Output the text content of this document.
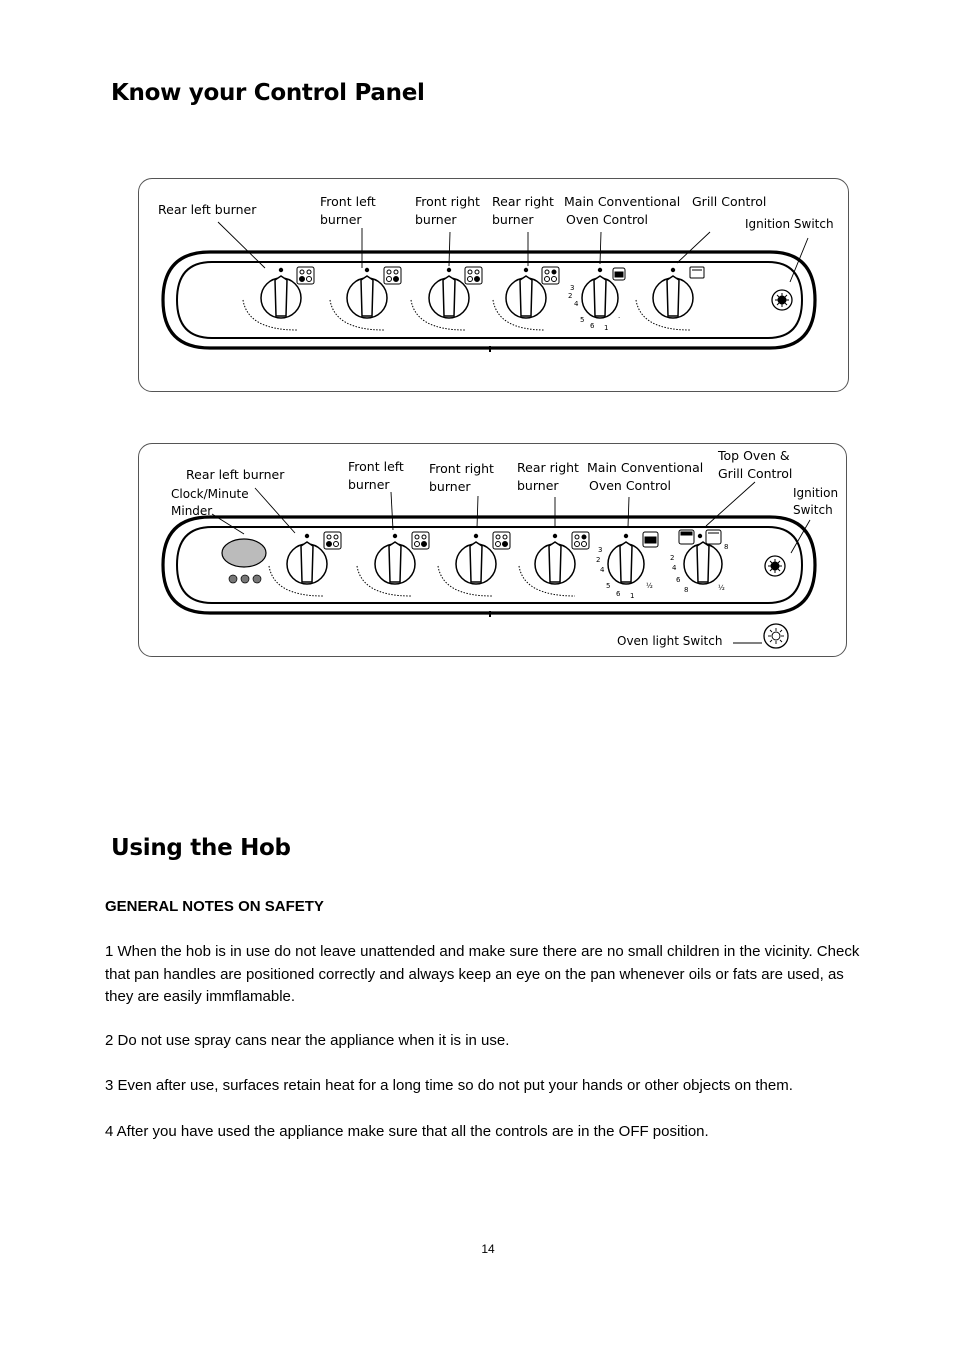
Know your Control Panel
Rear left burner
Front left
burner
Front right
burner
Rear right
burner
Main Conventional
Oven Control
Grill Control
Ignition Switch
2
3
4
5
6 1
.
Rear left burner
Clock/Minute
Minder
Front left
burner
Front right
burner
Rear right
burner
Main Conventional
Oven Control
Top Oven &
Grill Control
Ignition
Switch
Oven light Switch
2
3
4
5
6 1
½
2
4
6
8	½
8
Using the Hob
GENERAL NOTES ON SAFETY
1 When the hob is in use do not leave unattended and make sure there are no small children in the vicinity. Check that pan handles are positioned correctly and always keep an eye on the pan whenever oils or fats are used, as they are easily immflamable.
2 Do not use spray cans near the appliance when it is in use.
3 Even after use, surfaces retain heat for a long time so do not put your hands or other objects on them.
4 After you have used the appliance make sure that all the controls are in the OFF position.
14
